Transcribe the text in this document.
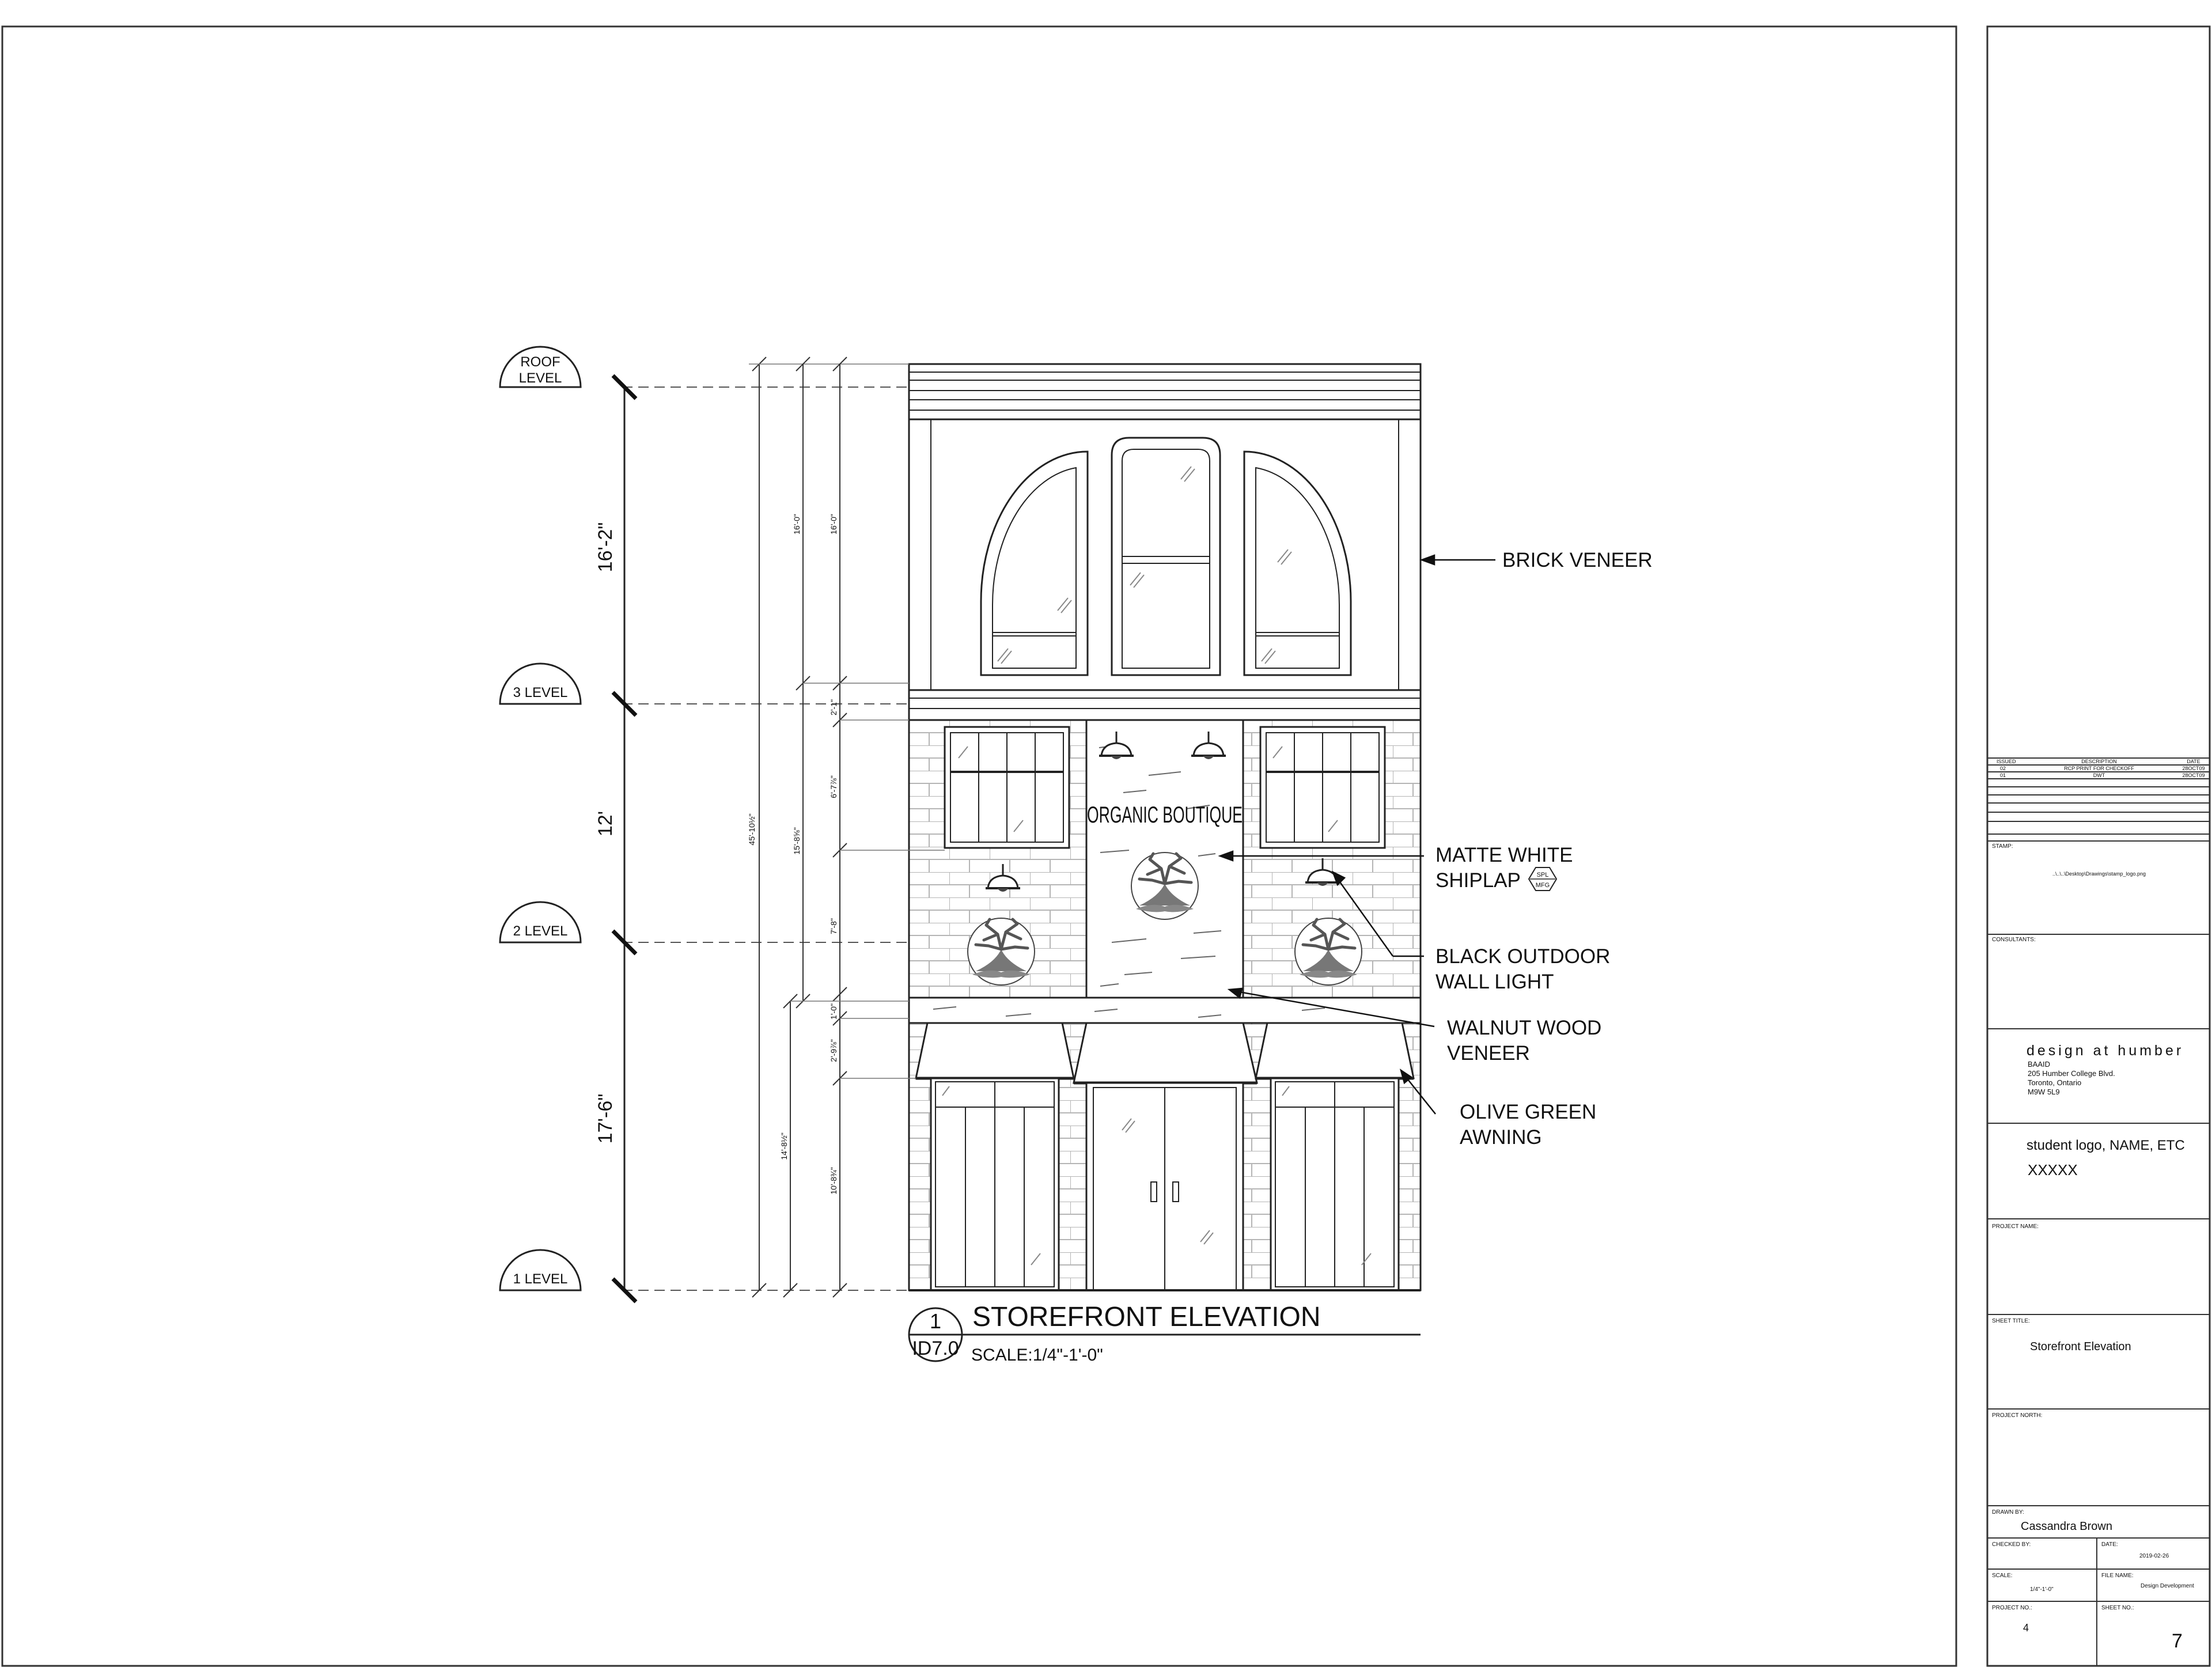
ORGANIC BOUTIQUE
ROOF
LEVEL
3 LEVEL
2 LEVEL
1 LEVEL
16'-2"
12'
17'-6"
45'-10½"
16'-0"	16'-0"
15'-8⅝"
2'-1"
6'-7⅞"
7'-8"
1'-0"
2'-9⅞"
14'-8½"
10'-8¾"
BRICK VENEER
MATTE WHITE
SHIPLAP	SPL
MFG
BLACK OUTDOOR
WALL LIGHT
WALNUT WOOD
VENEER
OLIVE GREEN
AWNING
1
ID7.0
STOREFRONT ELEVATION
SCALE:1/4"-1'-0"
ISSUED	DESCRIPTION	DATE
02	RCP PRINT FOR CHECKOFF	28OCT09
01	DWT	28OCT09
STAMP:
..\..\..\Desktop\Drawings\stamp_logo.png
CONSULTANTS:
design at humber
BAAID
205 Humber College Blvd.
Toronto, Ontario
M9W 5L9
student logo, NAME, ETC
XXXXX
PROJECT NAME:
SHEET TITLE:
Storefront Elevation
PROJECT NORTH:
DRAWN BY:
Cassandra Brown
CHECKED BY:	DATE:
2019-02-26
SCALE:
1/4"-1'-0"
FILE NAME:
Design Development
PROJECT NO.:
4
SHEET NO.:
7
